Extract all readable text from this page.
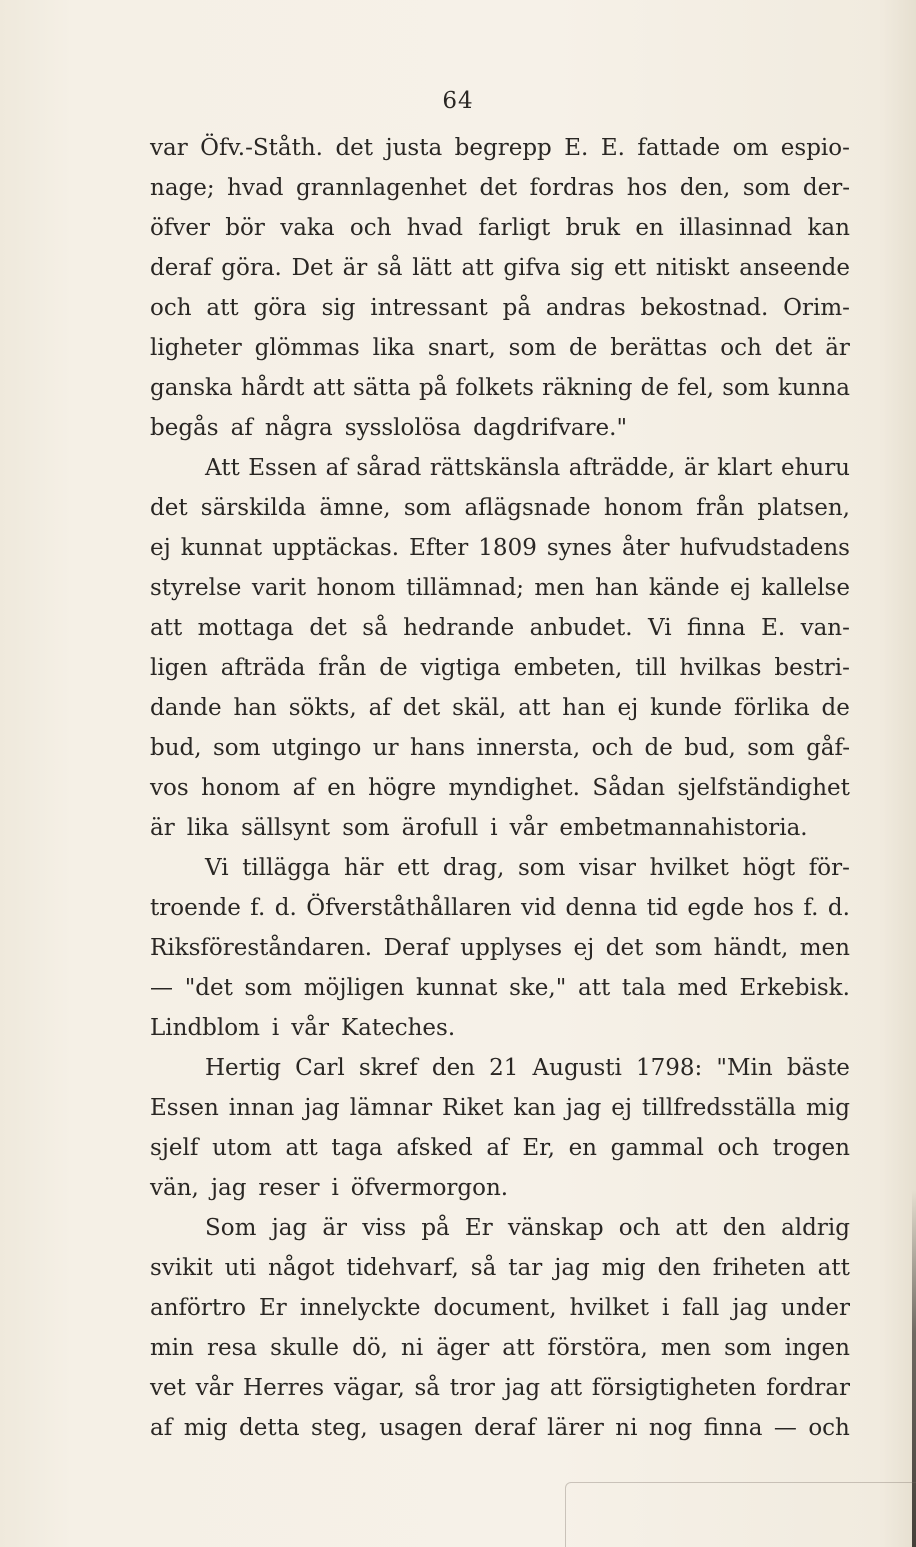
64
var Öfv.-Ståth. det justa begrepp E. E. fattade om espio-
nage; hvad grannlagenhet det fordras hos den, som der-
öfver bör vaka och hvad farligt bruk en illasinnad kan
deraf göra. Det är så lätt att gifva sig ett nitiskt anseende
och att göra sig intressant på andras bekostnad. Orim-
ligheter glömmas lika snart, som de berättas och det är
ganska hårdt att sätta på folkets räkning de fel, som kunna
begås af några sysslolösa dagdrifvare."
Att Essen af sårad rättskänsla afträdde, är klart ehuru
det särskilda ämne, som aflägsnade honom från platsen,
ej kunnat upptäckas. Efter 1809 synes åter hufvudstadens
styrelse varit honom tillämnad; men han kände ej kallelse
att mottaga det så hedrande anbudet. Vi finna E. van-
ligen afträda från de vigtiga embeten, till hvilkas bestri-
dande han sökts, af det skäl, att han ej kunde förlika de
bud, som utgingo ur hans innersta, och de bud, som gåf-
vos honom af en högre myndighet. Sådan sjelfständighet
är lika sällsynt som ärofull i vår embetmannahistoria.
Vi tillägga här ett drag, som visar hvilket högt för-
troende f. d. Öfverståthållaren vid denna tid egde hos f. d.
Riksföreståndaren. Deraf upplyses ej det som händt, men
— "det som möjligen kunnat ske," att tala med Erkebisk.
Lindblom i vår Kateches.
Hertig Carl skref den 21 Augusti 1798: "Min bäste
Essen innan jag lämnar Riket kan jag ej tillfredsställa mig
sjelf utom att taga afsked af Er, en gammal och trogen
vän, jag reser i öfvermorgon.
Som jag är viss på Er vänskap och att den aldrig
svikit uti något tidehvarf, så tar jag mig den friheten att
anförtro Er innelyckte document, hvilket i fall jag under
min resa skulle dö, ni äger att förstöra, men som ingen
vet vår Herres vägar, så tror jag att försigtigheten fordrar
af mig detta steg, usagen deraf lärer ni nog finna — och
